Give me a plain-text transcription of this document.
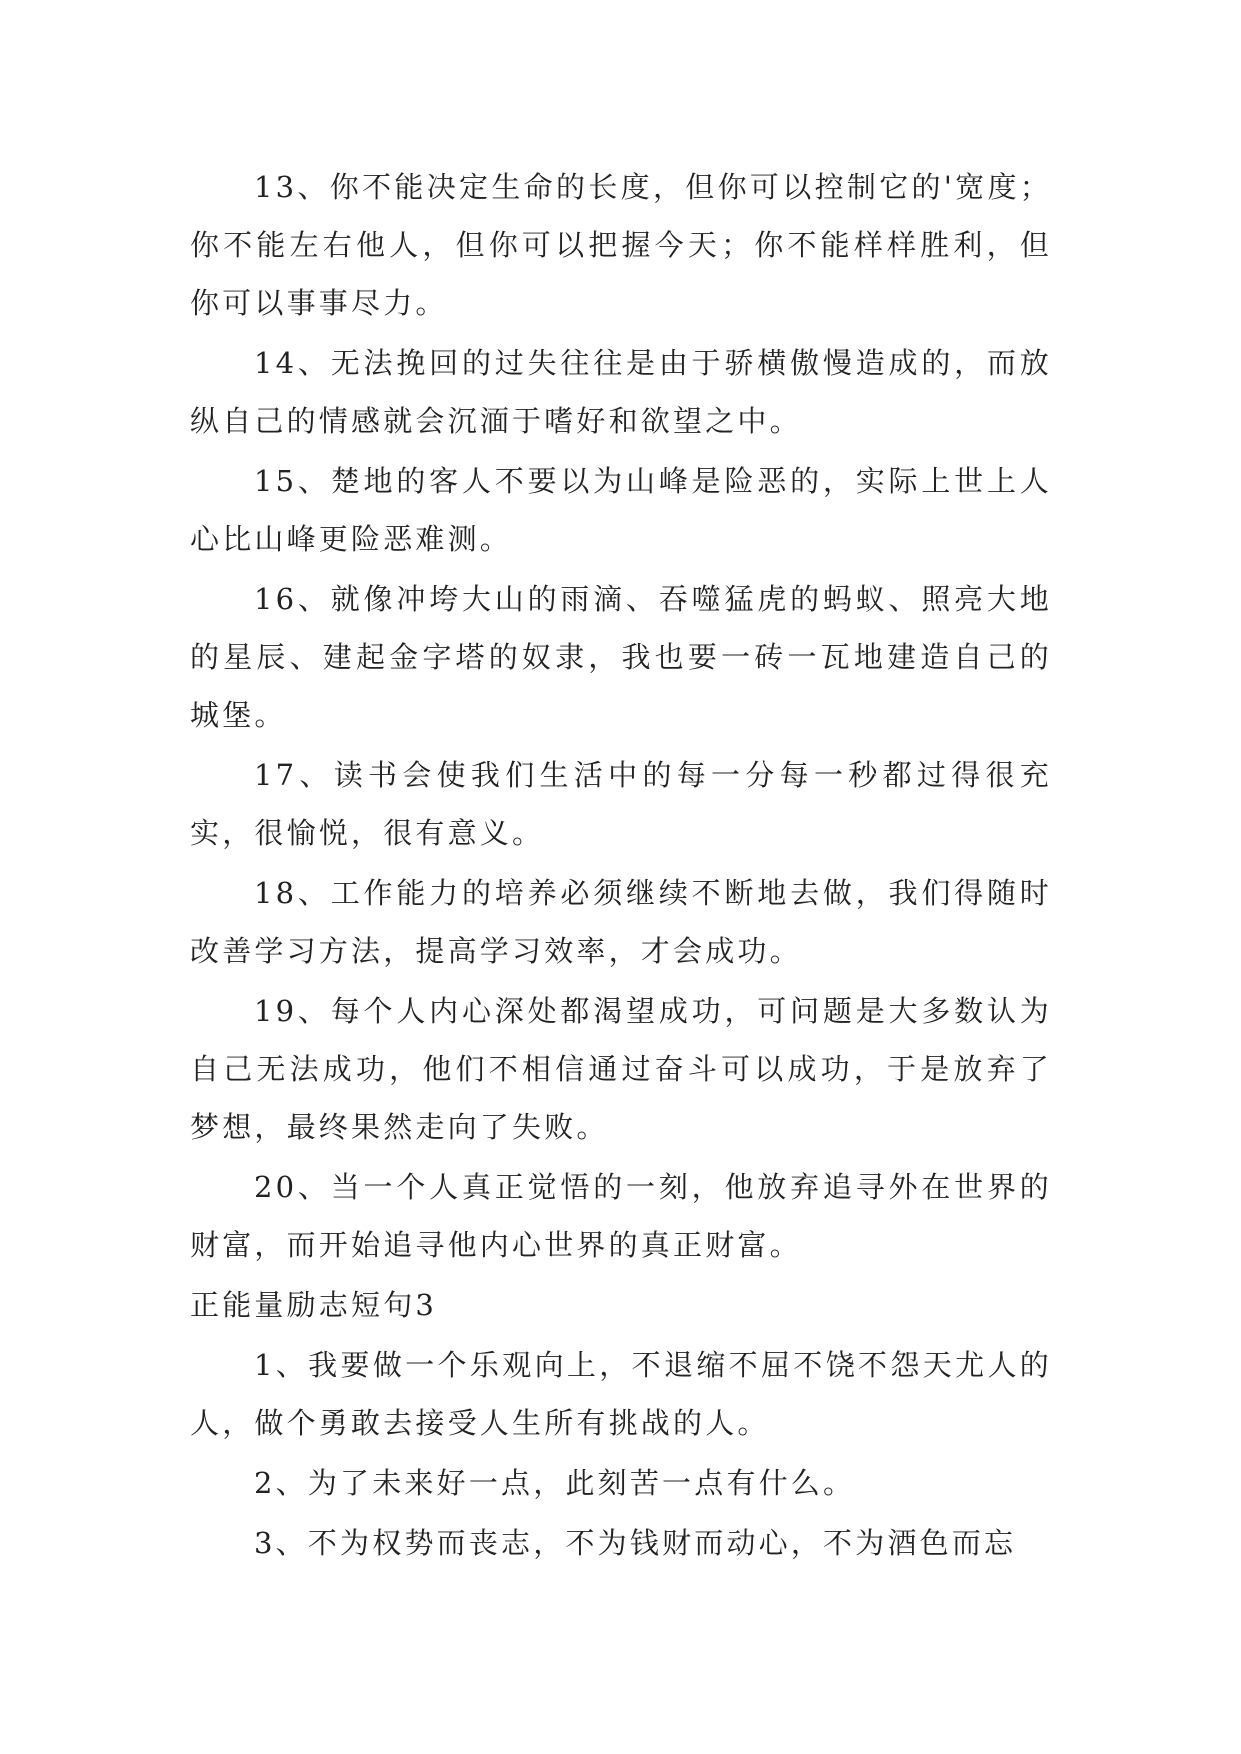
13、你不能决定生命的长度，但你可以控制它的'宽度；你不能左右他人，但你可以把握今天；你不能样样胜利，但你可以事事尽力。

14、无法挽回的过失往往是由于骄横傲慢造成的，而放纵自己的情感就会沉湎于嗜好和欲望之中。

15、楚地的客人不要以为山峰是险恶的，实际上世上人心比山峰更险恶难测。

16、就像冲垮大山的雨滴、吞噬猛虎的蚂蚁、照亮大地的星辰、建起金字塔的奴隶，我也要一砖一瓦地建造自己的城堡。

17、读书会使我们生活中的每一分每一秒都过得很充实，很愉悦，很有意义。

18、工作能力的培养必须继续不断地去做，我们得随时改善学习方法，提高学习效率，才会成功。

19、每个人内心深处都渴望成功，可问题是大多数认为自己无法成功，他们不相信通过奋斗可以成功，于是放弃了梦想，最终果然走向了失败。

20、当一个人真正觉悟的一刻，他放弃追寻外在世界的财富，而开始追寻他内心世界的真正财富。

正能量励志短句3

1、我要做一个乐观向上，不退缩不屈不饶不怨天尤人的人，做个勇敢去接受人生所有挑战的人。

2、为了未来好一点，此刻苦一点有什么。

3、不为权势而丧志，不为钱财而动心，不为酒色而忘
